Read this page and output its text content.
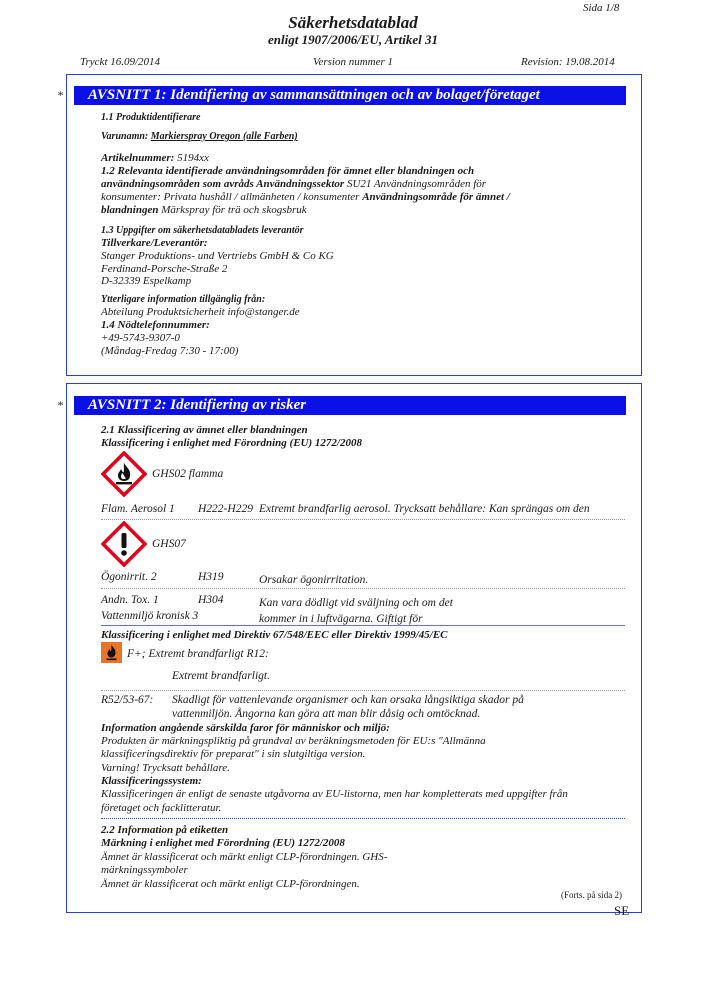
Sida 1/8
Säkerhetsdatablad
enligt 1907/2006/EU, Artikel 31
Tryckt 16.09/2014	Version nummer 1	Revision: 19.08.2014
*	AVSNITT 1: Identifiering av sammansättningen och av bolaget/företaget
1.1 Produktidentifierare
Varunamn: Markierspray Oregon (alle Farben)
Artikelnummer: 5194xx
1.2 Relevanta identifierade användningsområden för ämnet eller blandningen och
användningsområden som avråds Användningssektor SU21 Användningsområden för
konsumenter: Privata hushåll / allmänheten / konsumenter Användningsområde för ämnet /
blandningen Märkspray för trä och skogsbruk
1.3 Uppgifter om säkerhetsdatabladets leverantör
Tillverkare/Leverantör:
Stanger Produktions- und Vertriebs GmbH & Co KG
Ferdinand-Porsche-Straße 2
D-32339 Espelkamp
Ytterligare information tillgänglig från:
Abteilung Produktsicherheit info@stanger.de
1.4 Nödtelefonnummer:
+49-5743-9307-0
(Måndag-Fredag 7:30 - 17:00)
*	AVSNITT 2: Identifiering av risker
2.1 Klassificering av ämnet eller blandningen
Klassificering i enlighet med Förordning (EU) 1272/2008
GHS02 flamma
Flam. Aerosol 1 H222-H229 Extremt brandfarlig aerosol. Trycksatt behållare: Kan sprängas om den
GHS07
Ögonirrit. 2	H319	Orsakar ögonirritation.
Andn. Tox. 1	H304	Kan vara dödligt vid sväljning och om det
Vattenmiljö kronisk 3	kommer in i luftvägarna. Giftigt för
Klassificering i enlighet med Direktiv 67/548/EEC eller Direktiv 1999/45/EC
F+; Extremt brandfarligt R12:
Extremt brandfarligt.
R52/53-67: Skadligt för vattenlevande organismer och kan orsaka långsiktiga skador på
vattenmiljön. Ångorna kan göra att man blir dåsig och omtöcknad.
Information angående särskilda faror för människor och miljö:
Produkten är märkningspliktig på grundval av beräkningsmetoden för EU:s "Allmänna
klassificeringsdirektiv för preparat" i sin slutgiltiga version.
Varning! Trycksatt behållare.
Klassificeringssystem:
Klassificeringen är enligt de senaste utgåvorna av EU-listorna, men har kompletterats med uppgifter från
företaget och facklitteratur.
2.2 Information på etiketten
Märkning i enlighet med Förordning (EU) 1272/2008
Ämnet är klassificerat och märkt enligt CLP-förordningen. GHS-
märkningssymboler
Ämnet är klassificerat och märkt enligt CLP-förordningen.
(Forts. på sida 2)
SE
